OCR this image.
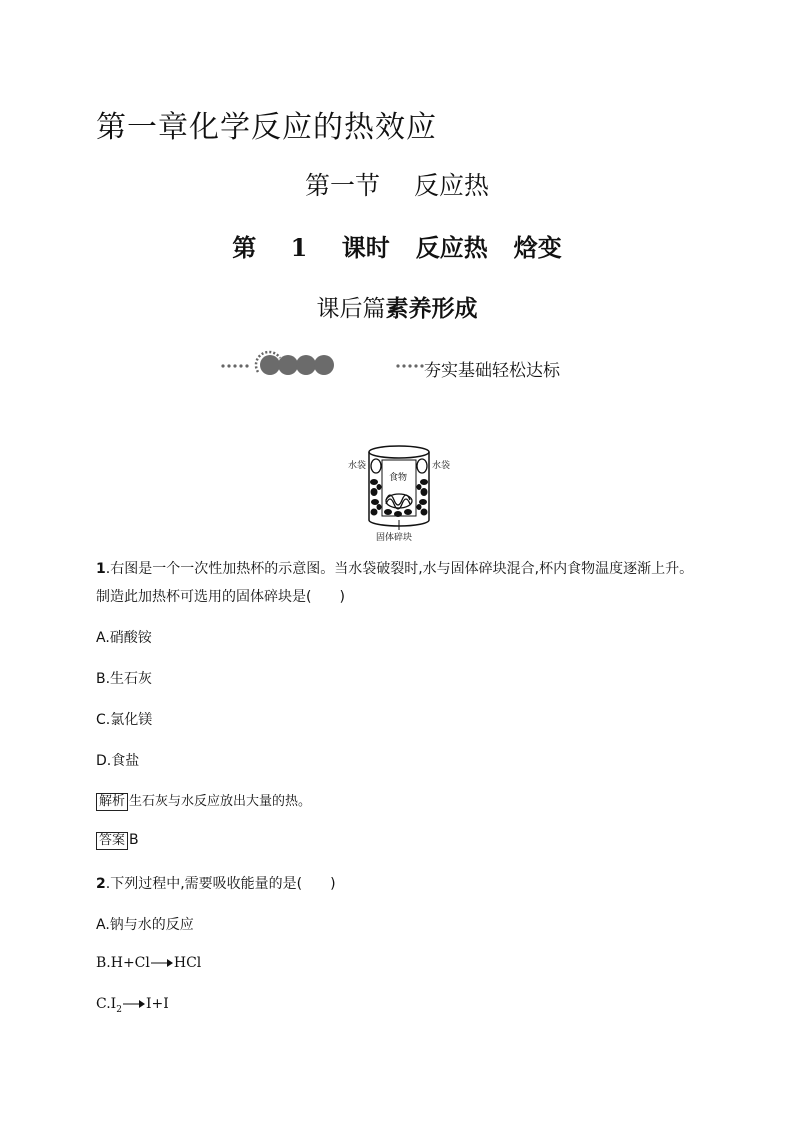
第一章化学反应的热效应
第一节 反应热
第 1 课时 反应热 焓变
课后篇素养形成
夯实基础轻松达标
水袋	水袋
食物
固体碎块
1.右图是一个一次性加热杯的示意图。当水袋破裂时,水与固体碎块混合,杯内食物温度逐渐上升。
制造此加热杯可选用的固体碎块是(　　)
A.硝酸铵
B.生石灰
C.氯化镁
D.食盐
解析 生石灰与水反应放出大量的热。
答案 B
2.下列过程中,需要吸收能量的是(　　)
A.钠与水的反应
B.H+Cl→HCl
$C.I_2 \to I+I$
